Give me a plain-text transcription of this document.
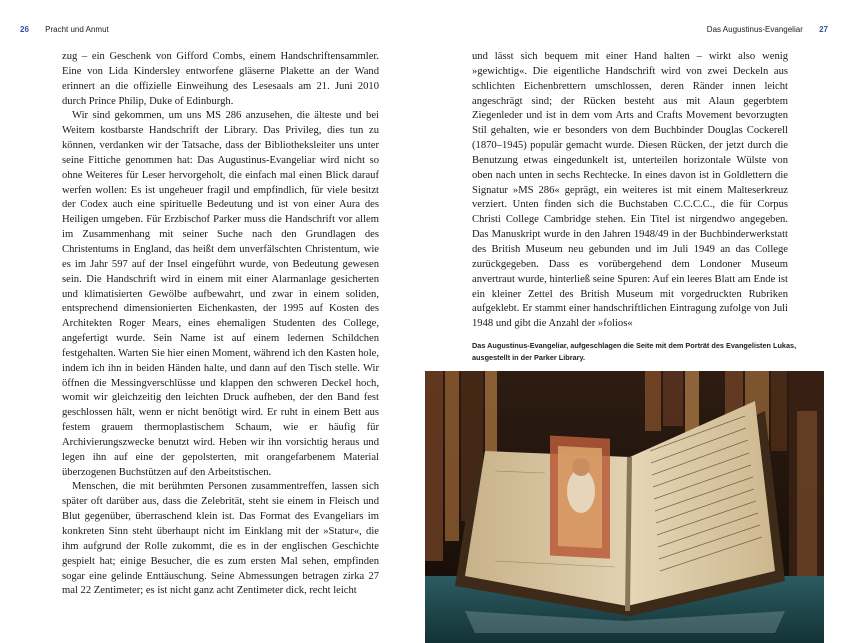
26 Pracht und Anmut	Das Augustinus-Evangeliar 27

zug – ein Geschenk von Gifford Combs, einem Handschriftensammler. Eine von Lida Kindersley entworfene gläserne Plakette an der Wand erinnert an die offizielle Einweihung des Lesesaals am 21. Juni 2010 durch Prince Philip, Duke of Edinburgh.

Wir sind gekommen, um uns MS 286 anzusehen, die älteste und bei Weitem kostbarste Handschrift der Library. Das Privileg, dies tun zu können, verdanken wir der Tatsache, dass der Bibliotheksleiter uns unter seine Fittiche genommen hat: Das Augustinus-Evangeliar wird nicht so ohne Weiteres für Leser hervorgeholt, die einfach mal einen Blick darauf werfen wollen: Es ist ungeheuer fragil und empfindlich, für viele besitzt der Codex auch eine spirituelle Bedeutung und ist von einer Aura des Heiligen umgeben. Für Erzbischof Parker muss die Handschrift vor allem im Zusammenhang mit seiner Suche nach den Grundlagen des Christentums in England, das heißt dem unverfälschten Christentum, wie es im Jahr 597 auf der Insel eingeführt wurde, von Bedeutung gewesen sein. Die Handschrift wird in einem mit einer Alarmanlage gesicherten und klimatisierten Gewölbe aufbewahrt, und zwar in einem soliden, entsprechend dimensionierten Eichenkasten, der 1995 auf Kosten des Architekten Roger Mears, eines ehemaligen Studenten des College, angefertigt wurde. Sein Name ist auf einem ledernen Schildchen festgehalten. Warten Sie hier einen Moment, während ich den Kasten hole, indem ich ihn in beiden Händen halte, und dann auf den Tisch stelle. Wir öffnen die Messingverschlüsse und klappen den schweren Deckel hoch, womit wir gleichzeitig den leichten Druck aufheben, der den Band fest geschlossen hält, wenn er nicht benötigt wird. Er ruht in einem Bett aus festem grauem thermoplastischem Schaum, wie er häufig für Archivierungszwecke benutzt wird. Heben wir ihn vorsichtig heraus und legen ihn auf eine der gepolsterten, mit orangefarbenem Material überzogenen Buchstützen auf den Arbeitstischen.

Menschen, die mit berühmten Personen zusammentreffen, lassen sich später oft darüber aus, dass die Zelebrität, steht sie einem in Fleisch und Blut gegenüber, überraschend klein ist. Das Format des Evangeliars im konkreten Sinn steht überhaupt nicht im Einklang mit der »Statur«, die ihm aufgrund der Rolle zukommt, die es in der englischen Geschichte gespielt hat; einige Besucher, die es zum ersten Mal sehen, empfinden sogar eine gelinde Enttäuschung. Seine Abmessungen betragen zirka 27 mal 22 Zentimeter; es ist nicht ganz acht Zentimeter dick, recht leicht

und lässt sich bequem mit einer Hand halten – wirkt also wenig »gewichtig«. Die eigentliche Handschrift wird von zwei Deckeln aus schlichten Eichenbrettern umschlossen, deren Ränder innen leicht angeschrägt sind; der Rücken besteht aus mit Alaun gegerbtem Ziegenleder und ist in dem vom Arts and Crafts Movement bevorzugten Stil gehalten, wie er besonders von dem Buchbinder Douglas Cockerell (1870–1945) populär gemacht wurde. Diesen Rücken, der jetzt durch die Benutzung etwas eingedunkelt ist, unterteilen horizontale Wülste von oben nach unten in sechs Rechtecke. In eines davon ist in Goldlettern die Signatur »MS 286« geprägt, ein weiteres ist mit einem Malteserkreuz verziert. Unten finden sich die Buchstaben C.C.C.C., die für Corpus Christi College Cambridge stehen. Ein Titel ist nirgendwo angegeben. Das Manuskript wurde in den Jahren 1948/49 in der Buchbinderwerkstatt des British Museum neu gebunden und im Juli 1949 an das College zurückgegeben. Dass es vorübergehend dem Londoner Museum anvertraut wurde, hinterließ seine Spuren: Auf ein leeres Blatt am Ende ist ein kleiner Zettel des British Museum mit vorgedruckten Rubriken aufgeklebt. Er stammt einer handschriftlichen Eintragung zufolge von Juli 1948 und gibt die Anzahl der »folios«

Das Augustinus-Evangeliar, aufgeschlagen die Seite mit dem Porträt des Evangelisten Lukas, ausgestellt in der Parker Library.
